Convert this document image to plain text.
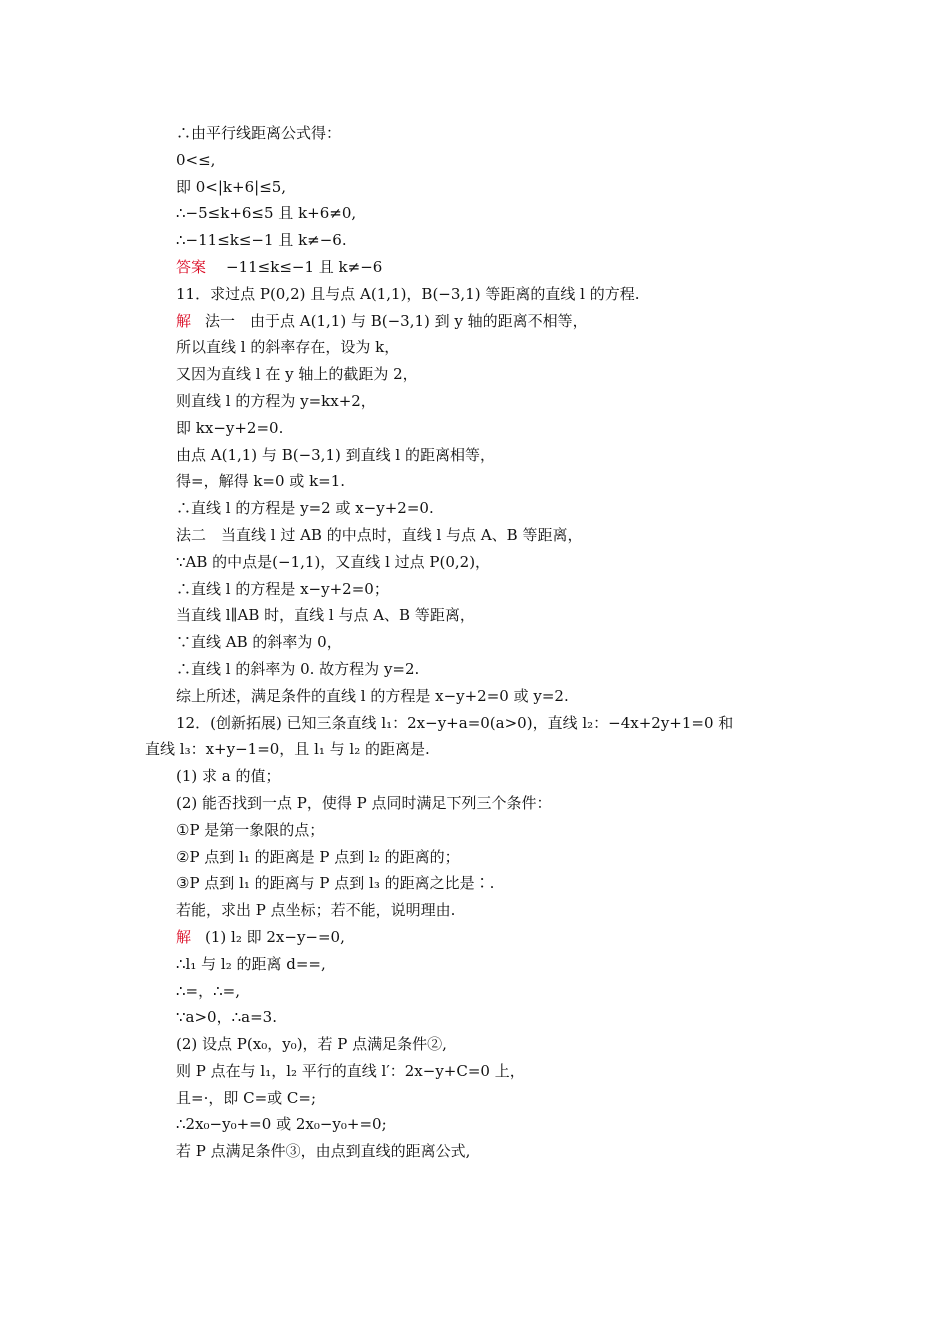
∴由平行线距离公式得：
0<≤,
即 0<|k+6|≤5,
∴−5≤k+6≤5 且 k+6≠0,
∴−11≤k≤−1 且 k≠−6.
答案 −11≤k≤−1 且 k≠−6
11．求过点 P(0,2) 且与点 A(1,1)，B(−3,1) 等距离的直线 l 的方程.
解 法一　由于点 A(1,1) 与 B(−3,1) 到 y 轴的距离不相等，
所以直线 l 的斜率存在，设为 k，
又因为直线 l 在 y 轴上的截距为 2，
则直线 l 的方程为 y=kx+2，
即 kx−y+2=0.
由点 A(1,1) 与 B(−3,1) 到直线 l 的距离相等，
得=，解得 k=0 或 k=1.
∴直线 l 的方程是 y=2 或 x−y+2=0.
法二　当直线 l 过 AB 的中点时，直线 l 与点 A、B 等距离，
∵AB 的中点是(−1,1)，又直线 l 过点 P(0,2)，
∴直线 l 的方程是 x−y+2=0；
当直线 l∥AB 时，直线 l 与点 A、B 等距离，
∵直线 AB 的斜率为 0，
∴直线 l 的斜率为 0. 故方程为 y=2.
综上所述，满足条件的直线 l 的方程是 x−y+2=0 或 y=2.
12．(创新拓展) 已知三条直线 l₁：2x−y+a=0(a>0)，直线 l₂：−4x+2y+1=0 和
直线 l₃：x+y−1=0，且 l₁ 与 l₂ 的距离是.
(1) 求 a 的值；
(2) 能否找到一点 P，使得 P 点同时满足下列三个条件：
①P 是第一象限的点；
②P 点到 l₁ 的距离是 P 点到 l₂ 的距离的；
③P 点到 l₁ 的距离与 P 点到 l₃ 的距离之比是∶.
若能，求出 P 点坐标；若不能，说明理由.
解 (1) l₂ 即 2x−y−=0,
∴l₁ 与 l₂ 的距离 d==,
∴=，∴=,
∵a>0，∴a=3.
(2) 设点 P(x₀，y₀)，若 P 点满足条件②,
则 P 点在与 l₁，l₂ 平行的直线 l′：2x−y+C=0 上，
且=·，即 C=或 C=;
∴2x₀−y₀+=0 或 2x₀−y₀+=0;
若 P 点满足条件③，由点到直线的距离公式,
